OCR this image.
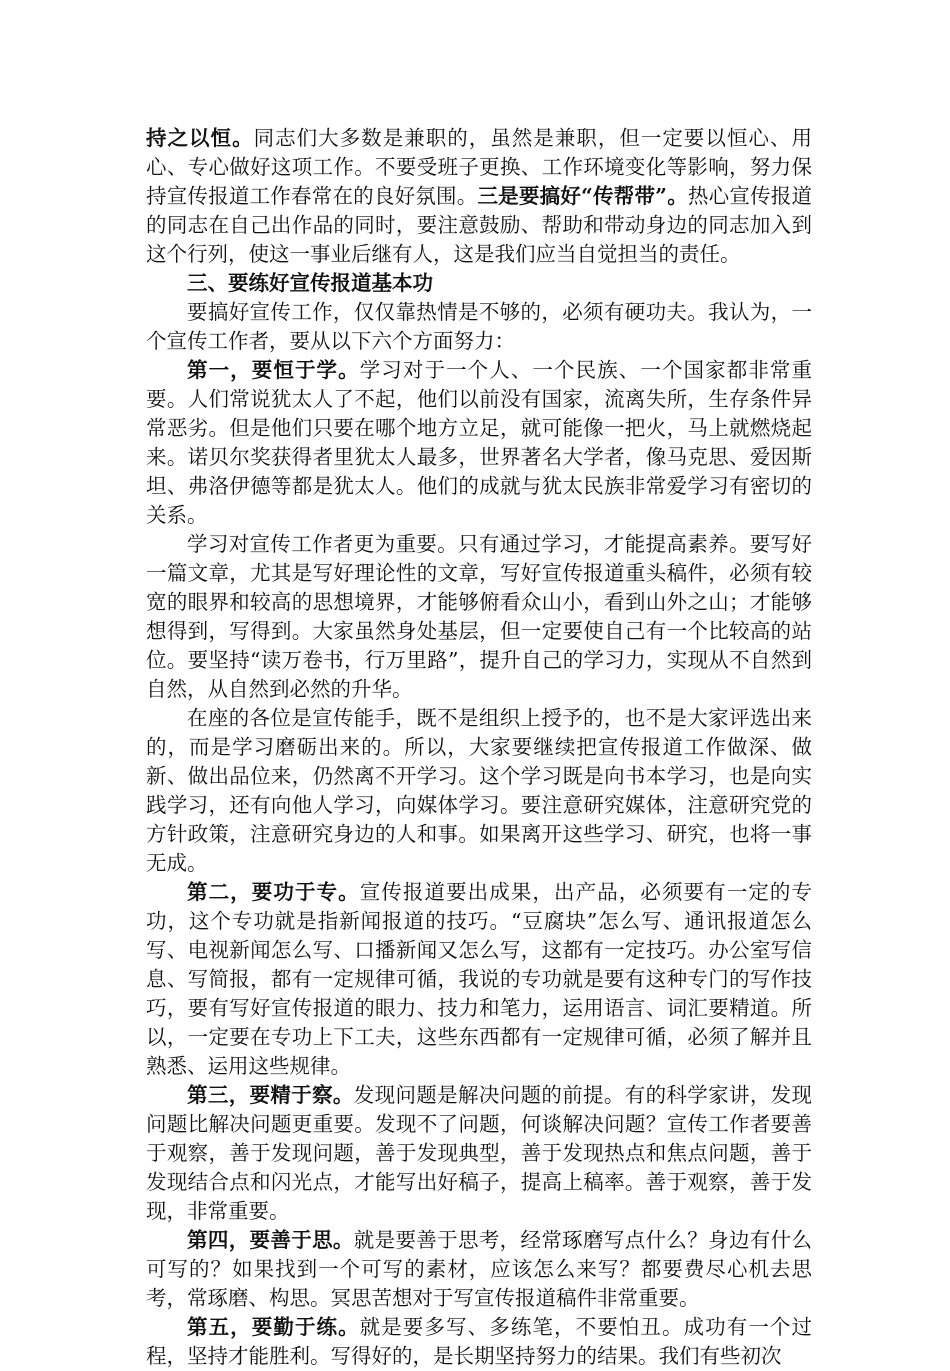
持之以恒。同志们大多数是兼职的，虽然是兼职，但一定要以恒心、用心、专心做好这项工作。不要受班子更换、工作环境变化等影响，努力保持宣传报道工作春常在的良好氛围。三是要搞好“传帮带”。热心宣传报道的同志在自己出作品的同时，要注意鼓励、帮助和带动身边的同志加入到这个行列，使这一事业后继有人，这是我们应当自觉担当的责任。

三、要练好宣传报道基本功

要搞好宣传工作，仅仅靠热情是不够的，必须有硬功夫。我认为，一个宣传工作者，要从以下六个方面努力：

第一，要恒于学。学习对于一个人、一个民族、一个国家都非常重要。人们常说犹太人了不起，他们以前没有国家，流离失所，生存条件异常恶劣。但是他们只要在哪个地方立足，就可能像一把火，马上就燃烧起来。诺贝尔奖获得者里犹太人最多，世界著名大学者，像马克思、爱因斯坦、弗洛伊德等都是犹太人。他们的成就与犹太民族非常爱学习有密切的关系。

学习对宣传工作者更为重要。只有通过学习，才能提高素养。要写好一篇文章，尤其是写好理论性的文章，写好宣传报道重头稿件，必须有较宽的眼界和较高的思想境界，才能够俯看众山小，看到山外之山；才能够想得到，写得到。大家虽然身处基层，但一定要使自己有一个比较高的站位。要坚持“读万卷书，行万里路”，提升自己的学习力，实现从不自然到自然，从自然到必然的升华。

在座的各位是宣传能手，既不是组织上授予的，也不是大家评选出来的，而是学习磨砺出来的。所以，大家要继续把宣传报道工作做深、做新、做出品位来，仍然离不开学习。这个学习既是向书本学习，也是向实践学习，还有向他人学习，向媒体学习。要注意研究媒体，注意研究党的方针政策，注意研究身边的人和事。如果离开这些学习、研究，也将一事无成。

第二，要功于专。宣传报道要出成果，出产品，必须要有一定的专功，这个专功就是指新闻报道的技巧。“豆腐块”怎么写、通讯报道怎么写、电视新闻怎么写、口播新闻又怎么写，这都有一定技巧。办公室写信息、写简报，都有一定规律可循，我说的专功就是要有这种专门的写作技巧，要有写好宣传报道的眼力、技力和笔力，运用语言、词汇要精道。所以，一定要在专功上下工夫，这些东西都有一定规律可循，必须了解并且熟悉、运用这些规律。

第三，要精于察。发现问题是解决问题的前提。有的科学家讲，发现问题比解决问题更重要。发现不了问题，何谈解决问题？宣传工作者要善于观察，善于发现问题，善于发现典型，善于发现热点和焦点问题，善于发现结合点和闪光点，才能写出好稿子，提高上稿率。善于观察，善于发现，非常重要。

第四，要善于思。就是要善于思考，经常琢磨写点什么？身边有什么可写的？如果找到一个可写的素材，应该怎么来写？都要费尽心机去思考，常琢磨、构思。冥思苦想对于写宣传报道稿件非常重要。

第五，要勤于练。就是要多写、多练笔，不要怕丑。成功有一个过程，坚持才能胜利。写得好的，是长期坚持努力的结果。我们有些初次
